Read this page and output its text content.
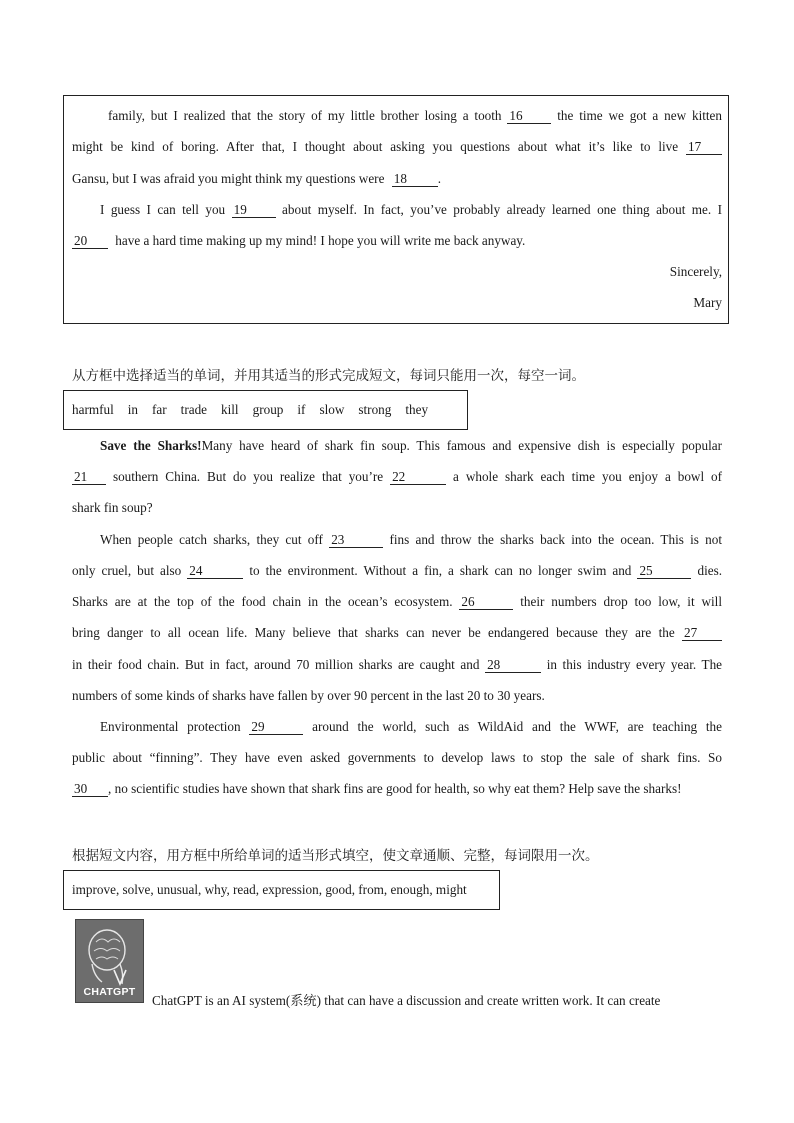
family, but I realized that the story of my little brother losing a tooth 16	the time we got a new kitten
might be kind of boring. After that, I thought about asking you questions about what it’s like to live 17
Gansu, but I was afraid you might think my questions were 18 .
I guess I can tell you 19	about myself. In fact, you’ve probably already learned one thing about me. I
20 have a hard time making up my mind! I hope you will write me back anyway.
Sincerely,
Mary
从方框中选择适当的单词，并用其适当的形式完成短文，每词只能用一次，每空一词。
harmful in far trade kill group if slow strong they
Save the Sharks!Many have heard of shark fin soup. This famous and expensive dish is especially popular
21 southern China. But do you realize that you’re 22	a whole shark each time you enjoy a bowl of
shark fin soup?
When people catch sharks, they cut off 23	fins and throw the sharks back into the ocean. This is not
only cruel, but also 24	to the environment. Without a fin, a shark can no longer swim and 25	dies.
Sharks are at the top of the food chain in the ocean’s ecosystem. 26	their numbers drop too low, it will
bring danger to all ocean life. Many believe that sharks can never be endangered because they are the 27
in their food chain. But in fact, around 70 million sharks are caught and 28	in this industry every year. The
numbers of some kinds of sharks have fallen by over 90 percent in the last 20 to 30 years.
Environmental protection 29	around the world, such as WildAid and the WWF, are teaching the
public about “finning”. They have even asked governments to develop laws to stop the sale of shark fins. So
30 , no scientific studies have shown that shark fins are good for health, so why eat them? Help save the sharks!
根据短文内容，用方框中所给单词的适当形式填空，使文章通顺、完整，每词限用一次。
improve, solve, unusual, why, read, expression, good, from, enough, might
CHATGPT
ChatGPT is an AI system(系统) that can have a discussion and create written work. It can create
